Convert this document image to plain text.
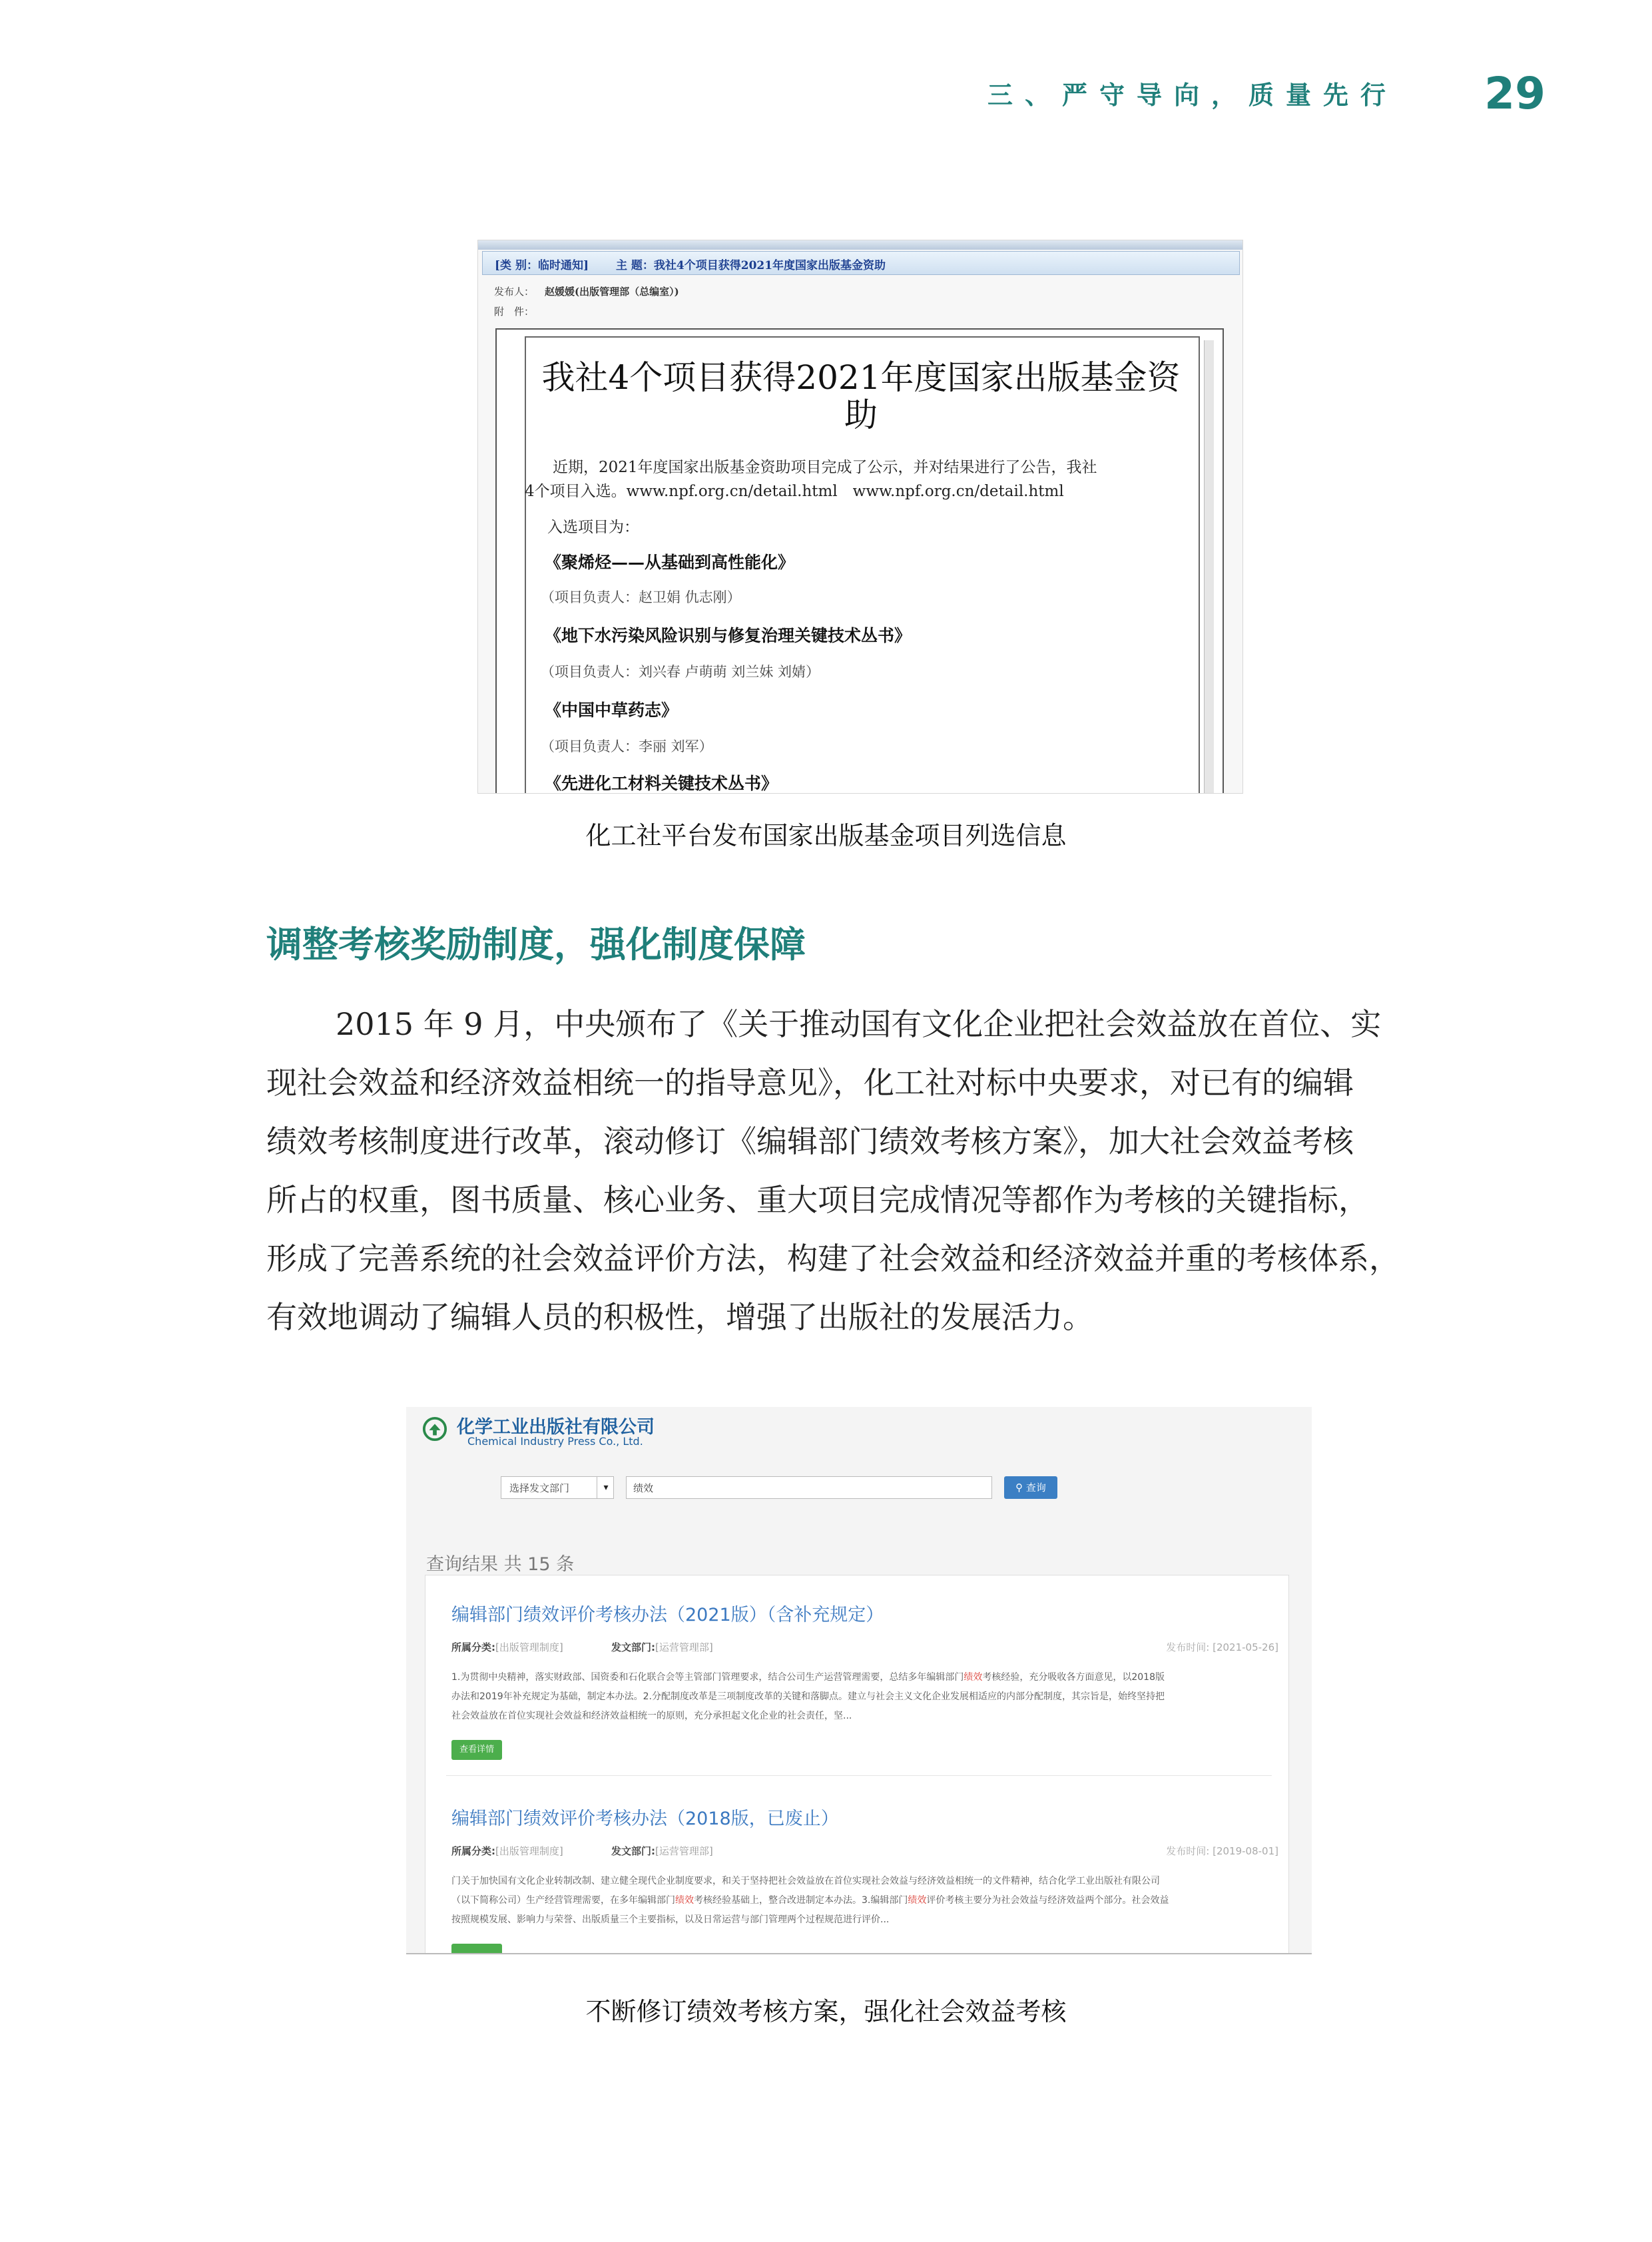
三、严守导向，质量先行 29
[类 别：临时通知] 主 题：我社4个项目获得2021年度国家出版基金资助
发布人： 赵媛媛(出版管理部（总编室）)
附　件：
我社4个项目获得2021年度国家出版基金资助
近期，2021年度国家出版基金资助项目完成了公示，并对结果进行了公告，我社
4个项目入选。www.npf.org.cn/detail.html　www.npf.org.cn/detail.html
入选项目为：
《聚烯烃——从基础到高性能化》
（项目负责人：赵卫娟 仇志刚）
《地下水污染风险识别与修复治理关键技术丛书》
（项目负责人：刘兴春 卢萌萌 刘兰妹 刘婧）
《中国中草药志》
（项目负责人：李丽 刘军）
《先进化工材料关键技术丛书》
化工社平台发布国家出版基金项目列选信息
调整考核奖励制度，强化制度保障
2015 年 9 月，中央颁布了《关于推动国有文化企业把社会效益放在首位、实
现社会效益和经济效益相统一的指导意见》，化工社对标中央要求，对已有的编辑
绩效考核制度进行改革，滚动修订《编辑部门绩效考核方案》，加大社会效益考核
所占的权重，图书质量、核心业务、重大项目完成情况等都作为考核的关键指标，
形成了完善系统的社会效益评价方法，构建了社会效益和经济效益并重的考核体系，
有效地调动了编辑人员的积极性，增强了出版社的发展活力。
化学工业出版社有限公司
Chemical Industry Press Co., Ltd.
选择发文部门	▾	绩效	⚲ 查询
查询结果 共 15 条
编辑部门绩效评价考核办法（2021版）（含补充规定）
所属分类:[出版管理制度]	发文部门:[运营管理部]	发布时间: [2021-05-26]
1.为贯彻中央精神，落实财政部、国资委和石化联合会等主管部门管理要求，结合公司生产运营管理需要，总结多年编辑部门绩效考核经验，充分吸收各方面意见，以2018版
办法和2019年补充规定为基础，制定本办法。2.分配制度改革是三项制度改革的关键和落脚点。建立与社会主义文化企业发展相适应的内部分配制度，其宗旨是，始终坚持把
社会效益放在首位实现社会效益和经济效益相统一的原则，充分承担起文化企业的社会责任，坚...
查看详情
编辑部门绩效评价考核办法（2018版，已废止）
所属分类:[出版管理制度]	发文部门:[运营管理部]	发布时间: [2019-08-01]
门关于加快国有文化企业转制改制、建立健全现代企业制度要求，和关于坚持把社会效益放在首位实现社会效益与经济效益相统一的文件精神，结合化学工业出版社有限公司
（以下简称公司）生产经营管理需要，在多年编辑部门绩效考核经验基础上，整合改进制定本办法。3.编辑部门绩效评价考核主要分为社会效益与经济效益两个部分。社会效益
按照规模发展、影响力与荣誉、出版质量三个主要指标，以及日常运营与部门管理两个过程规范进行评价...
不断修订绩效考核方案，强化社会效益考核
